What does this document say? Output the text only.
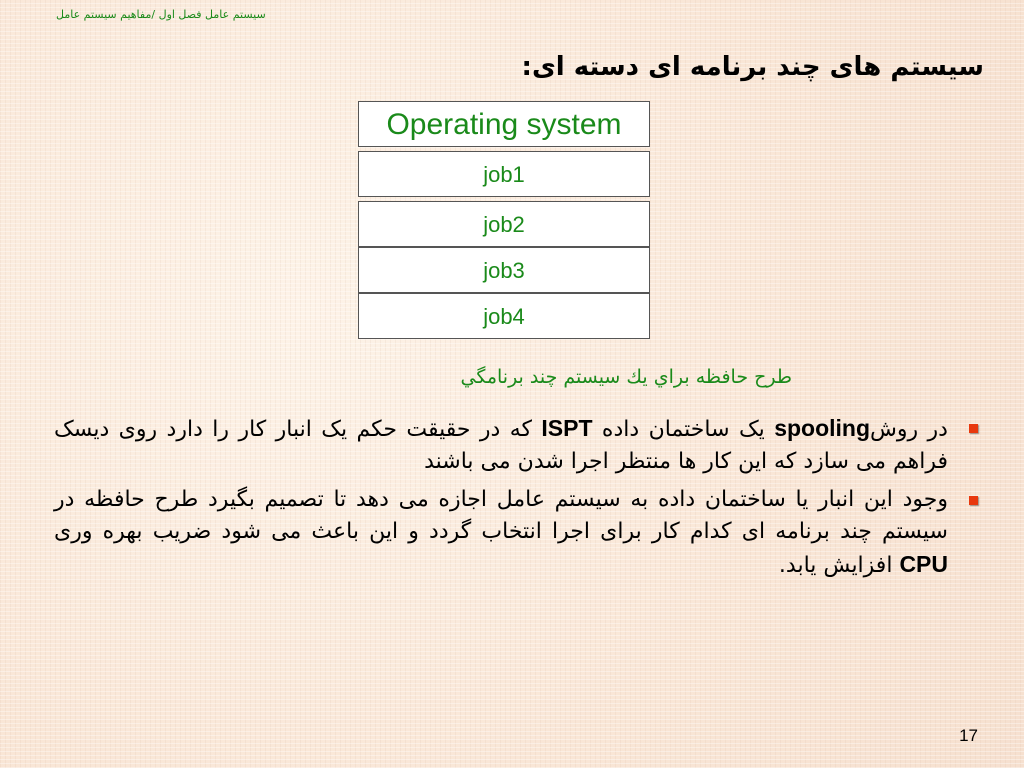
سیستم عامل فصل اول /مفاهیم سیستم عامل
سیستم های چند برنامه ای دسته ای:
Operating system
job1
job2
job3
job4
طرح حافظه براي يك سيستم چند برنامگي
در روشspooling یک ساختمان داده ISPT که در حقیقت حکم یک انبار کار را دارد روی دیسک فراهم می سازد که این کار ها منتظر اجرا شدن می باشند
وجود این انبار یا ساختمان داده به سیستم عامل اجازه می دهد تا تصمیم بگیرد طرح حافظه در سیستم چند برنامه ای کدام کار برای اجرا انتخاب گردد و این باعث می شود ضریب بهره وری CPU افزایش یابد.
17
